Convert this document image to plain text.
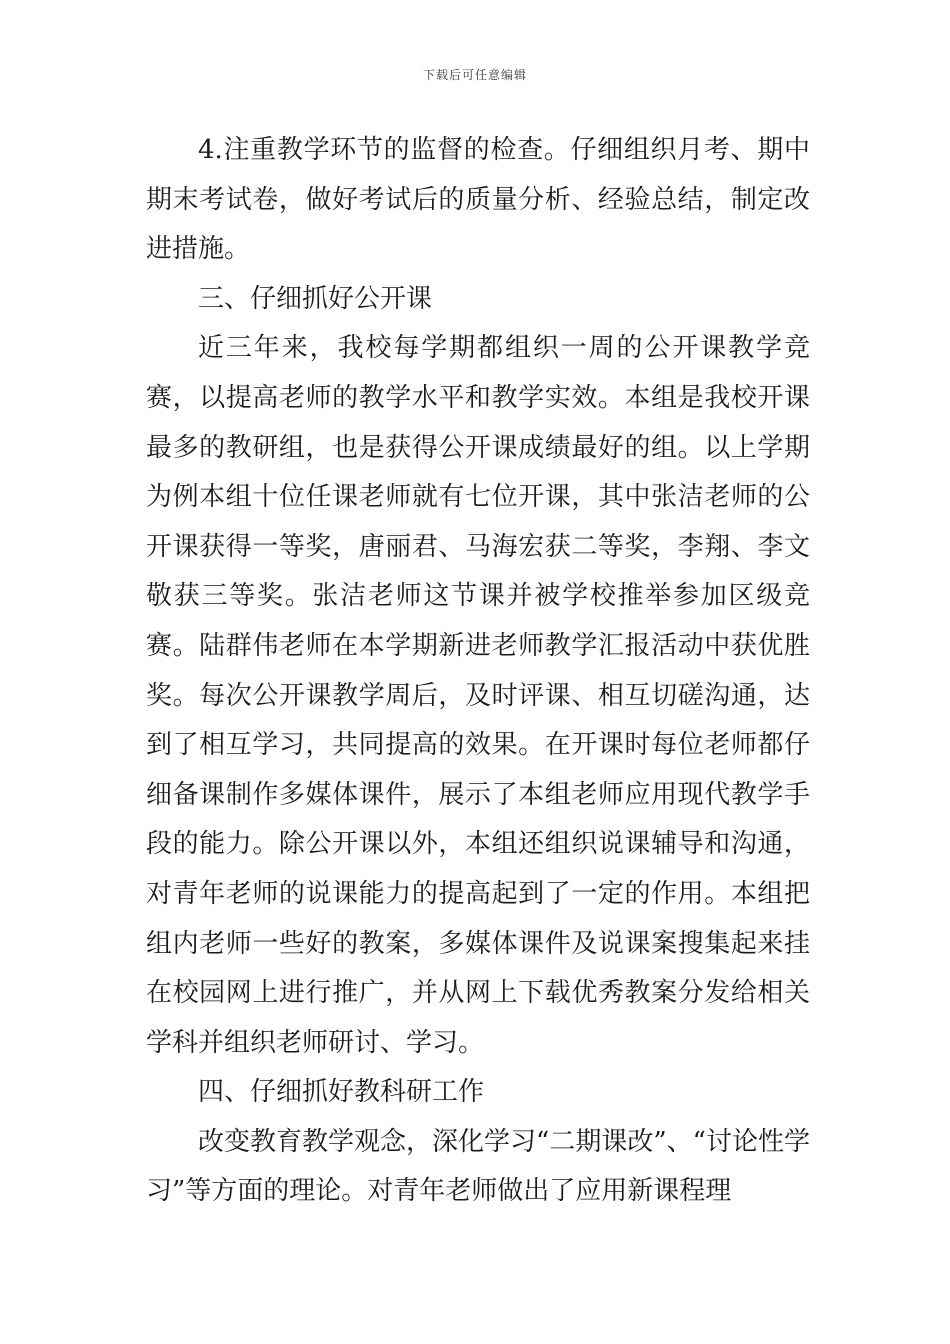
下载后可任意编辑

4.注重教学环节的监督的检查。仔细组织月考、期中期末考试卷，做好考试后的质量分析、经验总结，制定改进措施。

三、仔细抓好公开课

近三年来，我校每学期都组织一周的公开课教学竞赛，以提高老师的教学水平和教学实效。本组是我校开课最多的教研组，也是获得公开课成绩最好的组。以上学期为例本组十位任课老师就有七位开课，其中张洁老师的公开课获得一等奖，唐丽君、马海宏获二等奖，李翔、李文敬获三等奖。张洁老师这节课并被学校推举参加区级竞赛。陆群伟老师在本学期新进老师教学汇报活动中获优胜奖。每次公开课教学周后，及时评课、相互切磋沟通，达到了相互学习，共同提高的效果。在开课时每位老师都仔细备课制作多媒体课件，展示了本组老师应用现代教学手段的能力。除公开课以外，本组还组织说课辅导和沟通，对青年老师的说课能力的提高起到了一定的作用。本组把组内老师一些好的教案，多媒体课件及说课案搜集起来挂在校园网上进行推广，并从网上下载优秀教案分发给相关学科并组织老师研讨、学习。

四、仔细抓好教科研工作

改变教育教学观念，深化学习“二期课改”、“讨论性学习”等方面的理论。对青年老师做出了应用新课程理
